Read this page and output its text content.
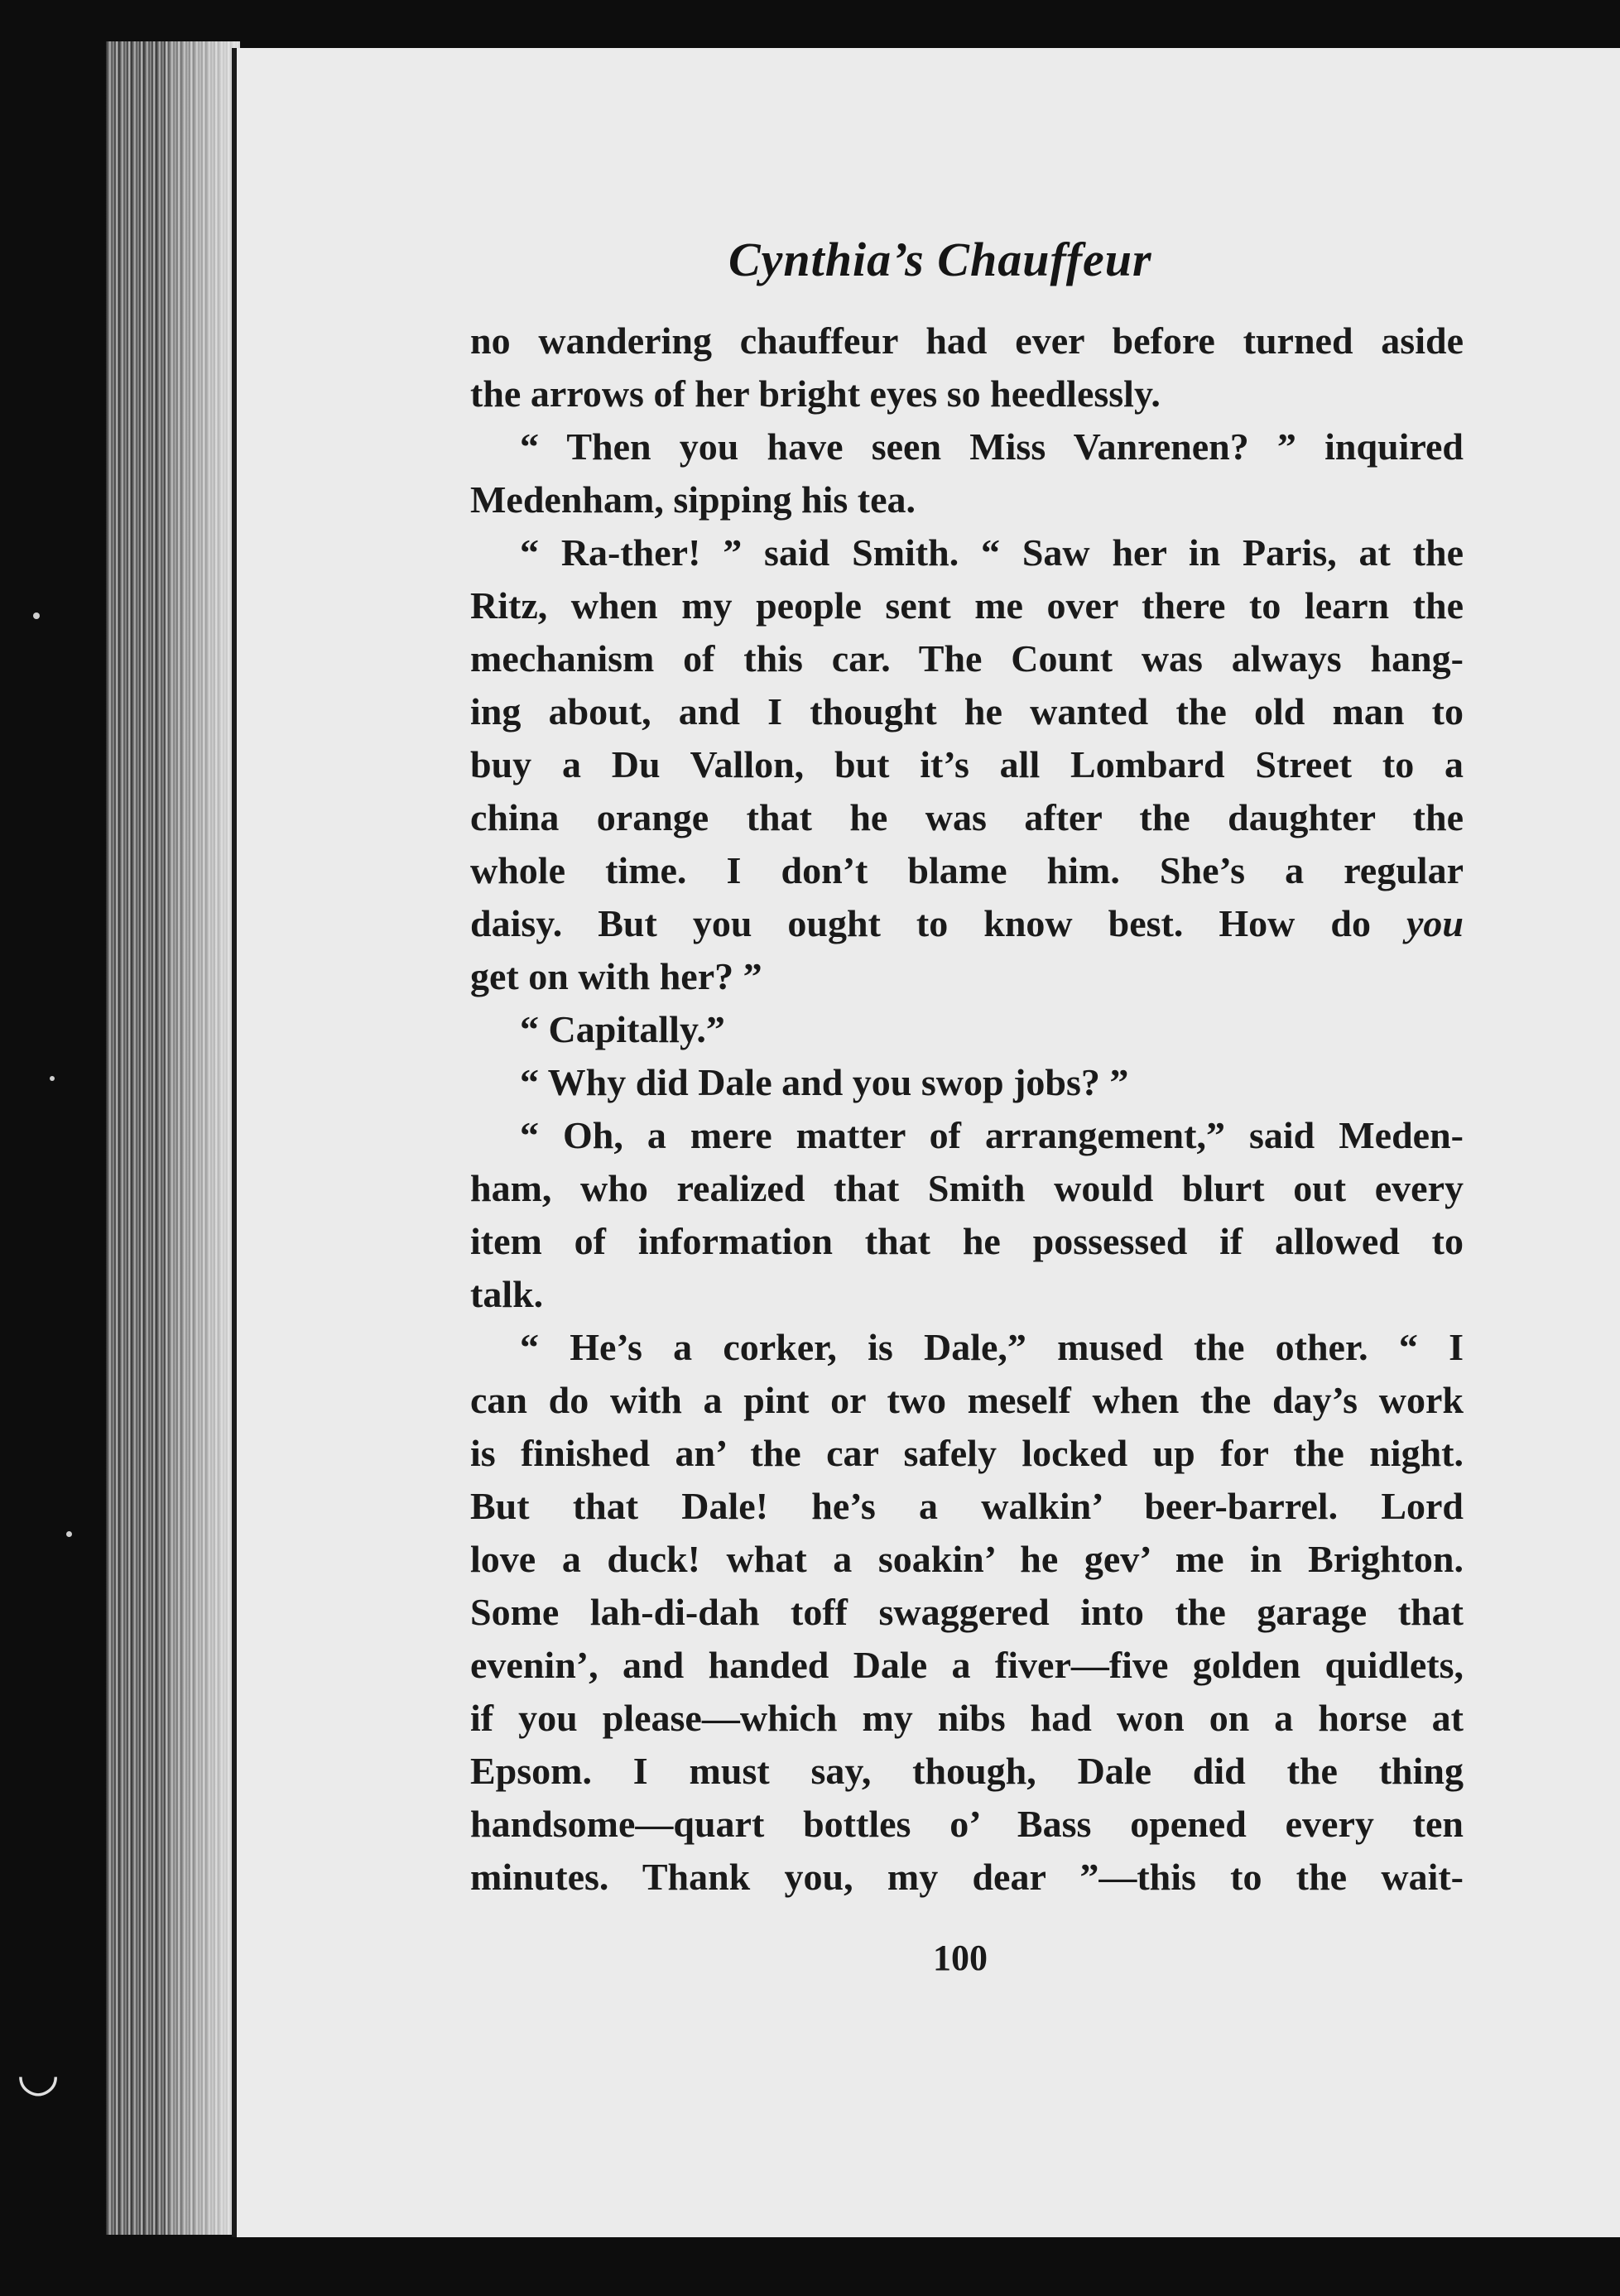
◡
Cynthia’s Chauffeur
no wandering chauffeur had ever before turned aside
the arrows of her bright eyes so heedlessly.
“ Then you have seen Miss Vanrenen? ” inquired
Medenham, sipping his tea.
“ Ra-ther! ” said Smith. “ Saw her in Paris, at the
Ritz, when my people sent me over there to learn the
mechanism of this car. The Count was always hang-
ing about, and I thought he wanted the old man to
buy a Du Vallon, but it’s all Lombard Street to a
china orange that he was after the daughter the
whole time. I don’t blame him. She’s a regular
daisy. But you ought to know best. How do you
get on with her? ”
“ Capitally.”
“ Why did Dale and you swop jobs? ”
“ Oh, a mere matter of arrangement,” said Meden-
ham, who realized that Smith would blurt out every
item of information that he possessed if allowed to
talk.
“ He’s a corker, is Dale,” mused the other. “ I
can do with a pint or two meself when the day’s work
is finished an’ the car safely locked up for the night.
But that Dale! he’s a walkin’ beer-barrel. Lord
love a duck! what a soakin’ he gev’ me in Brighton.
Some lah-di-dah toff swaggered into the garage that
evenin’, and handed Dale a fiver—five golden quidlets,
if you please—which my nibs had won on a horse at
Epsom. I must say, though, Dale did the thing
handsome—quart bottles o’ Bass opened every ten
minutes. Thank you, my dear ”—this to the wait-
100
